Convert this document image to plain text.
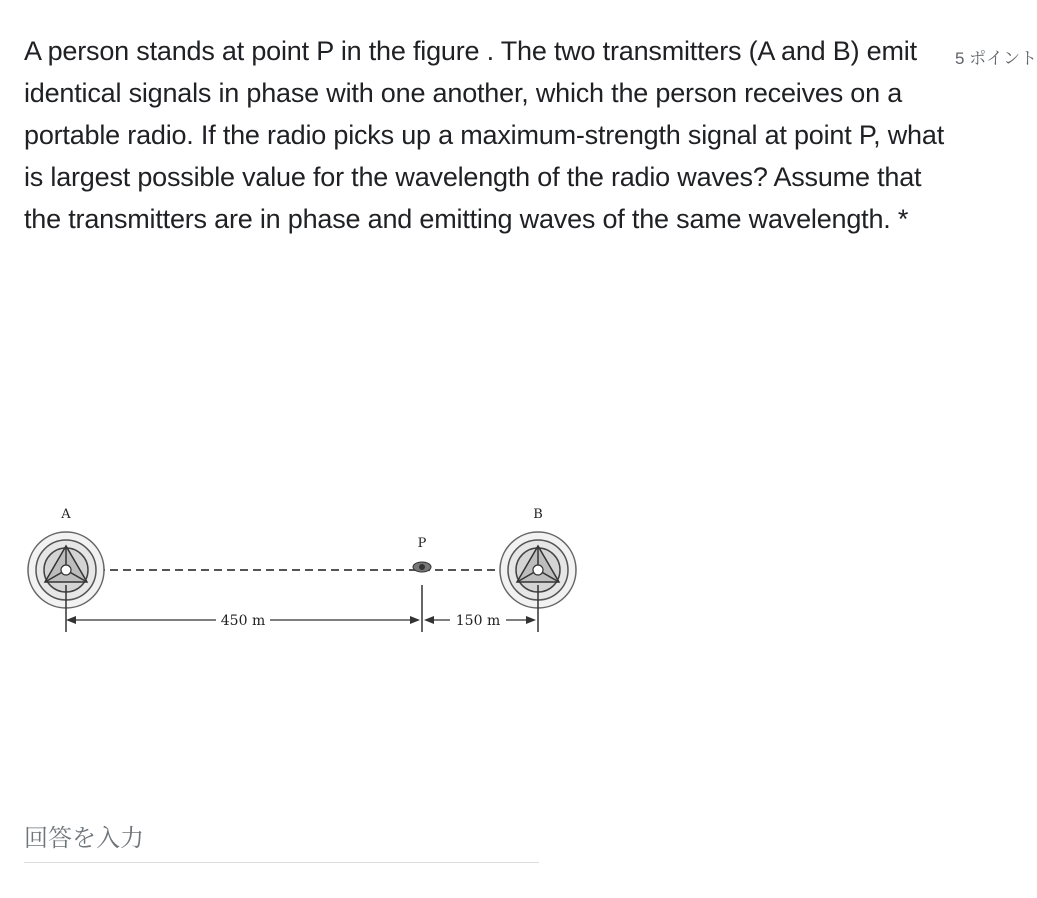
A person stands at point P in the figure . The two transmitters (A and B) emit identical signals in phase with one another, which the person receives on a portable radio. If the radio picks up a maximum-strength signal at point P, what is largest possible value for the wavelength of the radio waves? Assume that the transmitters are in phase and emitting waves of the same wavelength. *
5 ポイント
A	B
P
450 m	150 m
回答を入力
